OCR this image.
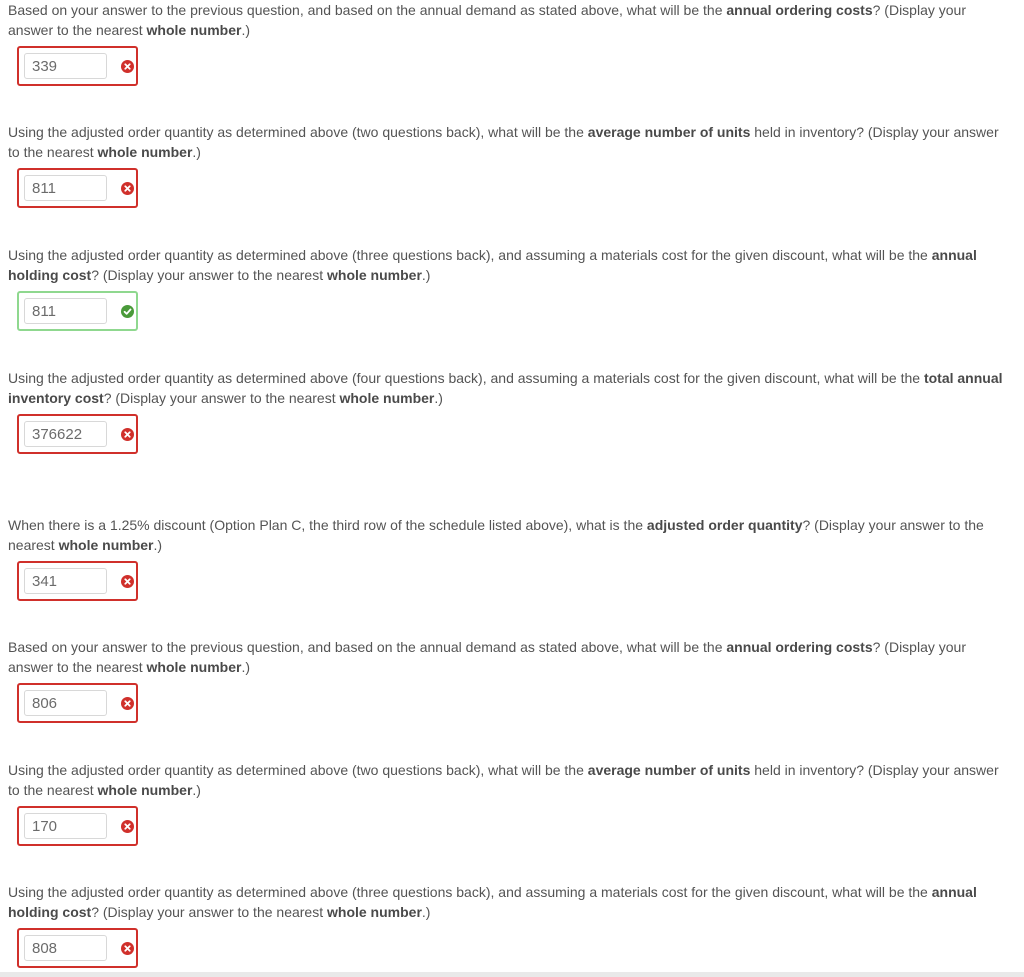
Based on your answer to the previous question, and based on the annual demand as stated above, what will be the annual ordering costs? (Display your answer to the nearest whole number.)

339

Using the adjusted order quantity as determined above (two questions back), what will be the average number of units held in inventory? (Display your answer to the nearest whole number.)

811

Using the adjusted order quantity as determined above (three questions back), and assuming a materials cost for the given discount, what will be the annual holding cost? (Display your answer to the nearest whole number.)

811

Using the adjusted order quantity as determined above (four questions back), and assuming a materials cost for the given discount, what will be the total annual inventory cost? (Display your answer to the nearest whole number.)

376622

When there is a 1.25% discount (Option Plan C, the third row of the schedule listed above), what is the adjusted order quantity? (Display your answer to the nearest whole number.)

341

Based on your answer to the previous question, and based on the annual demand as stated above, what will be the annual ordering costs? (Display your answer to the nearest whole number.)

806

Using the adjusted order quantity as determined above (two questions back), what will be the average number of units held in inventory? (Display your answer to the nearest whole number.)

170

Using the adjusted order quantity as determined above (three questions back), and assuming a materials cost for the given discount, what will be the annual holding cost? (Display your answer to the nearest whole number.)

808
